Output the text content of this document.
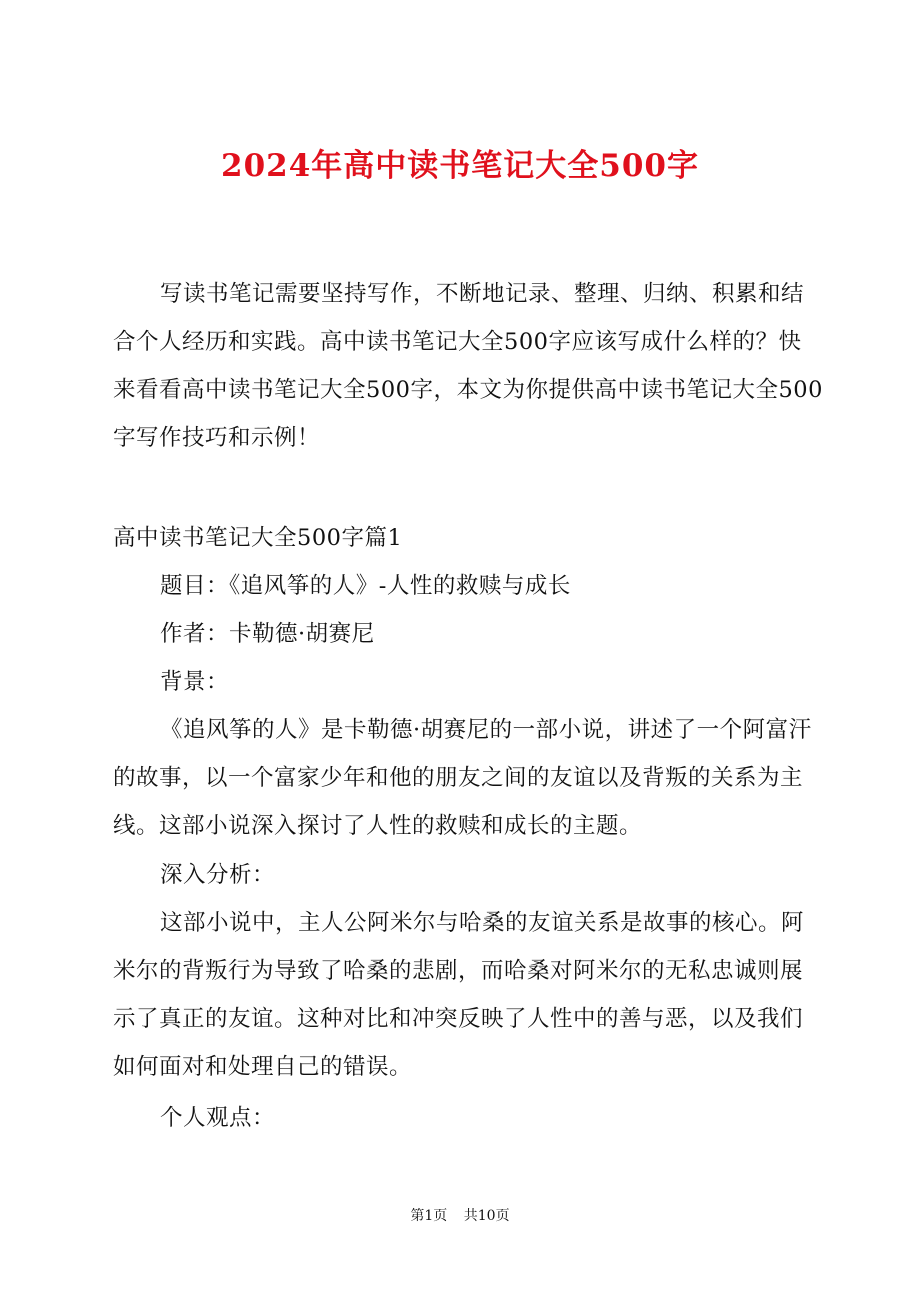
2024年高中读书笔记大全500字
写读书笔记需要坚持写作，不断地记录、整理、归纳、积累和结合个人经历和实践。高中读书笔记大全500字应该写成什么样的？快来看看高中读书笔记大全500字，本文为你提供高中读书笔记大全500字写作技巧和示例！
高中读书笔记大全500字篇1
题目：《追风筝的人》-人性的救赎与成长
作者：卡勒德·胡赛尼
背景：
《追风筝的人》是卡勒德·胡赛尼的一部小说，讲述了一个阿富汗的故事，以一个富家少年和他的朋友之间的友谊以及背叛的关系为主线。这部小说深入探讨了人性的救赎和成长的主题。
深入分析：
这部小说中，主人公阿米尔与哈桑的友谊关系是故事的核心。阿米尔的背叛行为导致了哈桑的悲剧，而哈桑对阿米尔的无私忠诚则展示了真正的友谊。这种对比和冲突反映了人性中的善与恶，以及我们如何面对和处理自己的错误。
个人观点：
第1页 共10页
